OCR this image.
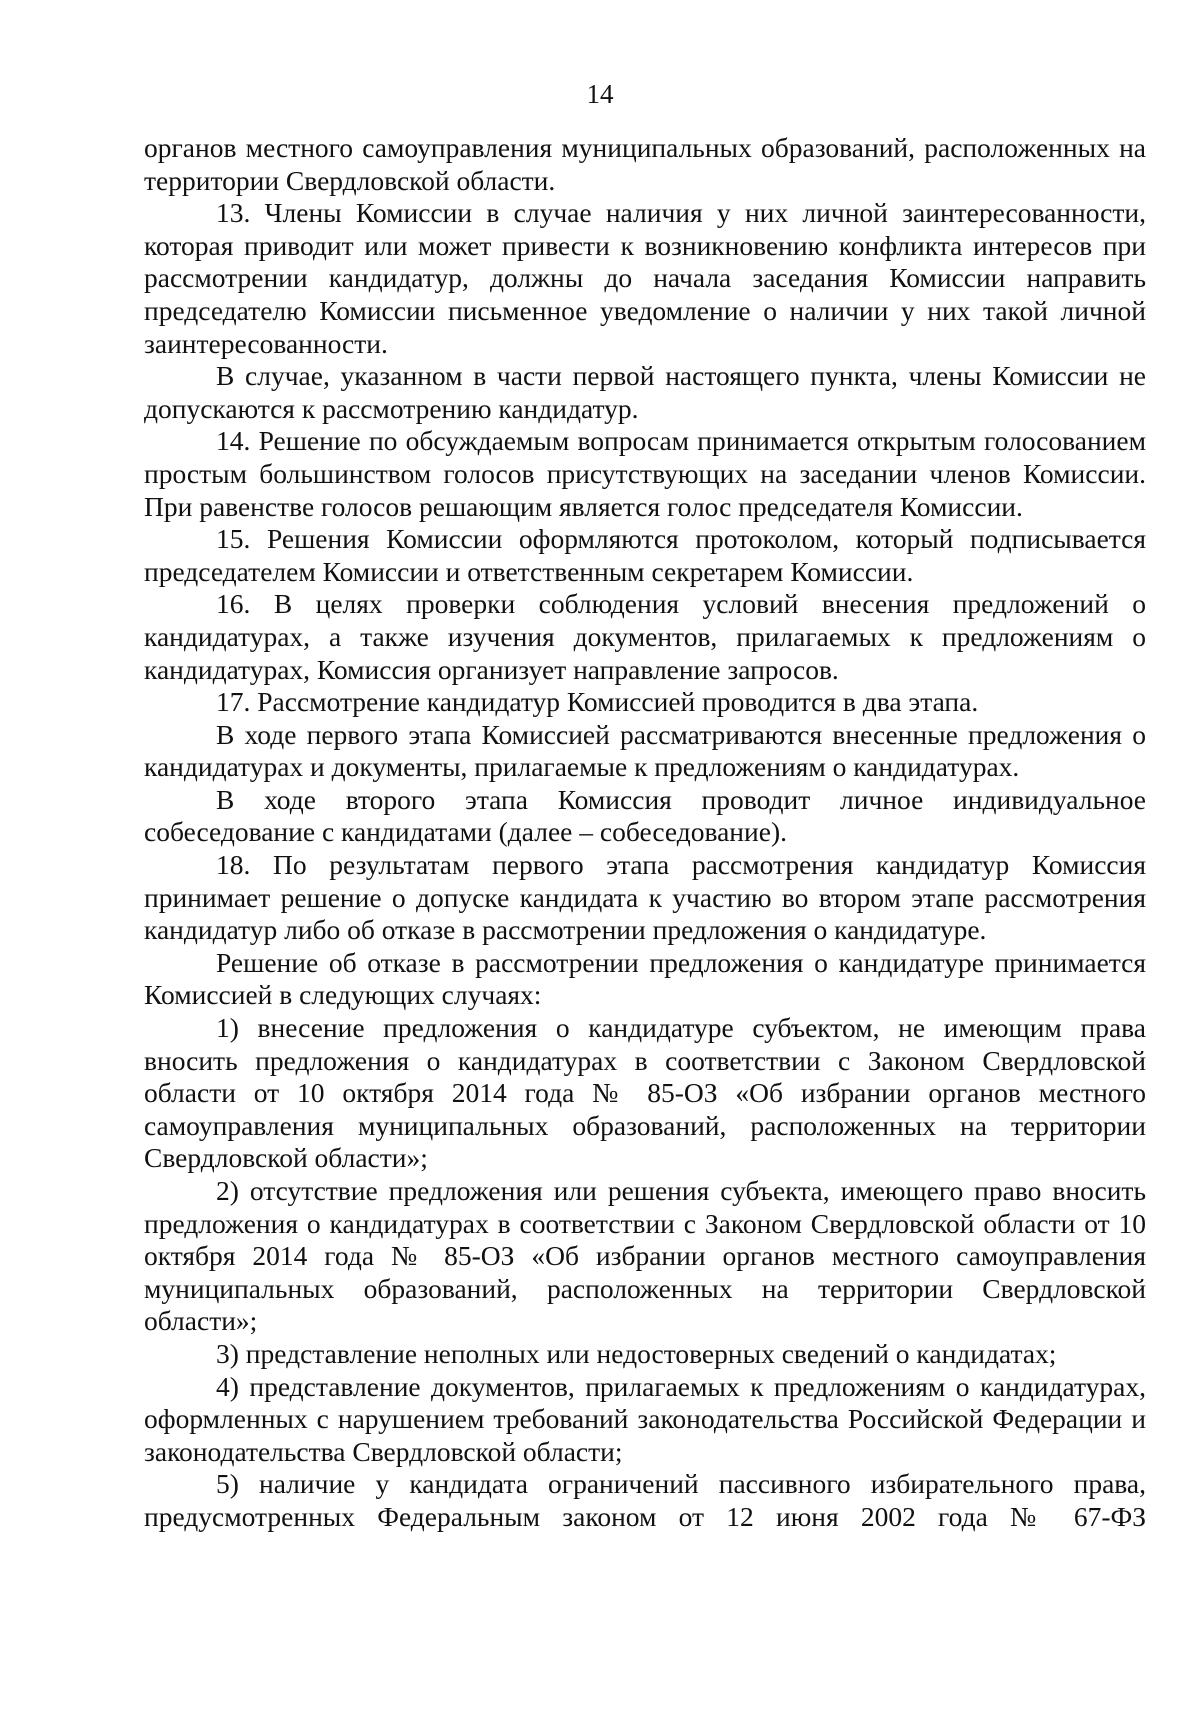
14

органов местного самоуправления муниципальных образований, расположенных на территории Свердловской области.

13. Члены Комиссии в случае наличия у них личной заинтересованности, которая приводит или может привести к возникновению конфликта интересов при рассмотрении кандидатур, должны до начала заседания Комиссии направить председателю Комиссии письменное уведомление о наличии у них такой личной заинтересованности.

В случае, указанном в части первой настоящего пункта, члены Комиссии не допускаются к рассмотрению кандидатур.

14. Решение по обсуждаемым вопросам принимается открытым голосованием простым большинством голосов присутствующих на заседании членов Комиссии. При равенстве голосов решающим является голос председателя Комиссии.

15. Решения Комиссии оформляются протоколом, который подписывается председателем Комиссии и ответственным секретарем Комиссии.

16. В целях проверки соблюдения условий внесения предложений о кандидатурах, а также изучения документов, прилагаемых к предложениям о кандидатурах, Комиссия организует направление запросов.

17. Рассмотрение кандидатур Комиссией проводится в два этапа.

В ходе первого этапа Комиссией рассматриваются внесенные предложения о кандидатурах и документы, прилагаемые к предложениям о кандидатурах.

В ходе второго этапа Комиссия проводит личное индивидуальное собеседование с кандидатами (далее – собеседование).

18. По результатам первого этапа рассмотрения кандидатур Комиссия принимает решение о допуске кандидата к участию во втором этапе рассмотрения кандидатур либо об отказе в рассмотрении предложения о кандидатуре.

Решение об отказе в рассмотрении предложения о кандидатуре принимается Комиссией в следующих случаях:

1) внесение предложения о кандидатуре субъектом, не имеющим права вносить предложения о кандидатурах в соответствии с Законом Свердловской области от 10 октября 2014 года № 85-ОЗ «Об избрании органов местного самоуправления муниципальных образований, расположенных на территории Свердловской области»;

2) отсутствие предложения или решения субъекта, имеющего право вносить предложения о кандидатурах в соответствии с Законом Свердловской области от 10 октября 2014 года № 85-ОЗ «Об избрании органов местного самоуправления муниципальных образований, расположенных на территории Свердловской области»;

3) представление неполных или недостоверных сведений о кандидатах;

4) представление документов, прилагаемых к предложениям о кандидатурах, оформленных с нарушением требований законодательства Российской Федерации и законодательства Свердловской области;

5) наличие у кандидата ограничений пассивного избирательного права, предусмотренных Федеральным законом от 12 июня 2002 года № 67-ФЗ
